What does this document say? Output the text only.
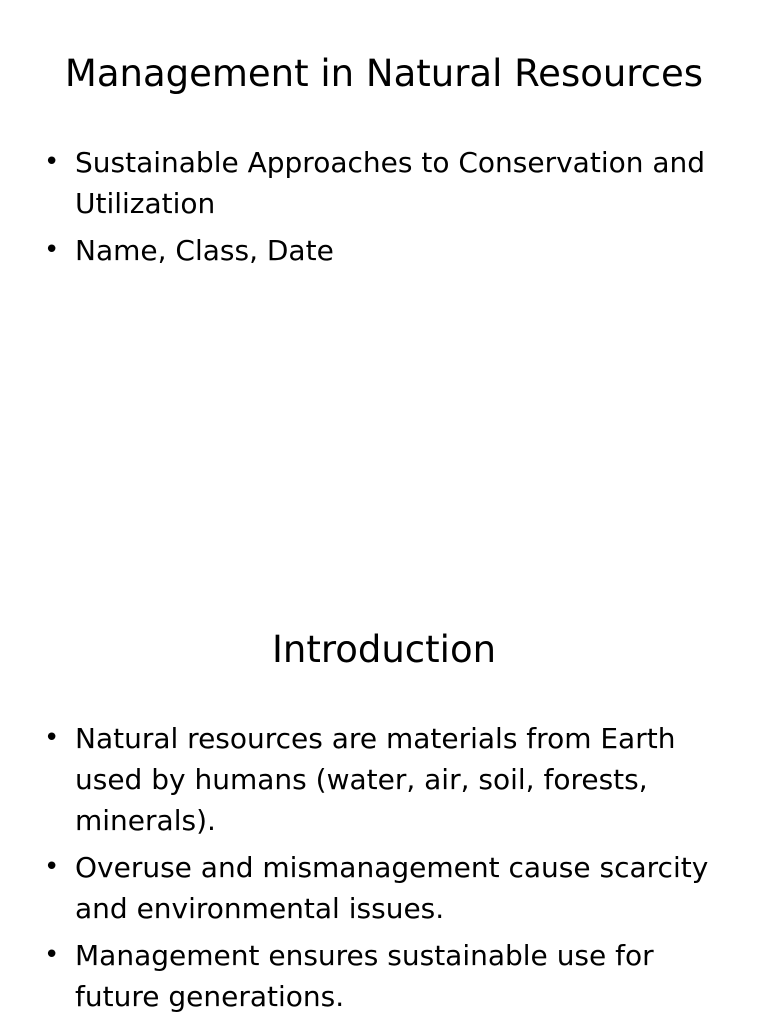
Management in Natural Resources
• Sustainable Approaches to Conservation and Utilization
• Name, Class, Date
Introduction
• Natural resources are materials from Earth used by humans (water, air, soil, forests, minerals).
• Overuse and mismanagement cause scarcity and environmental issues.
• Management ensures sustainable use for future generations.
